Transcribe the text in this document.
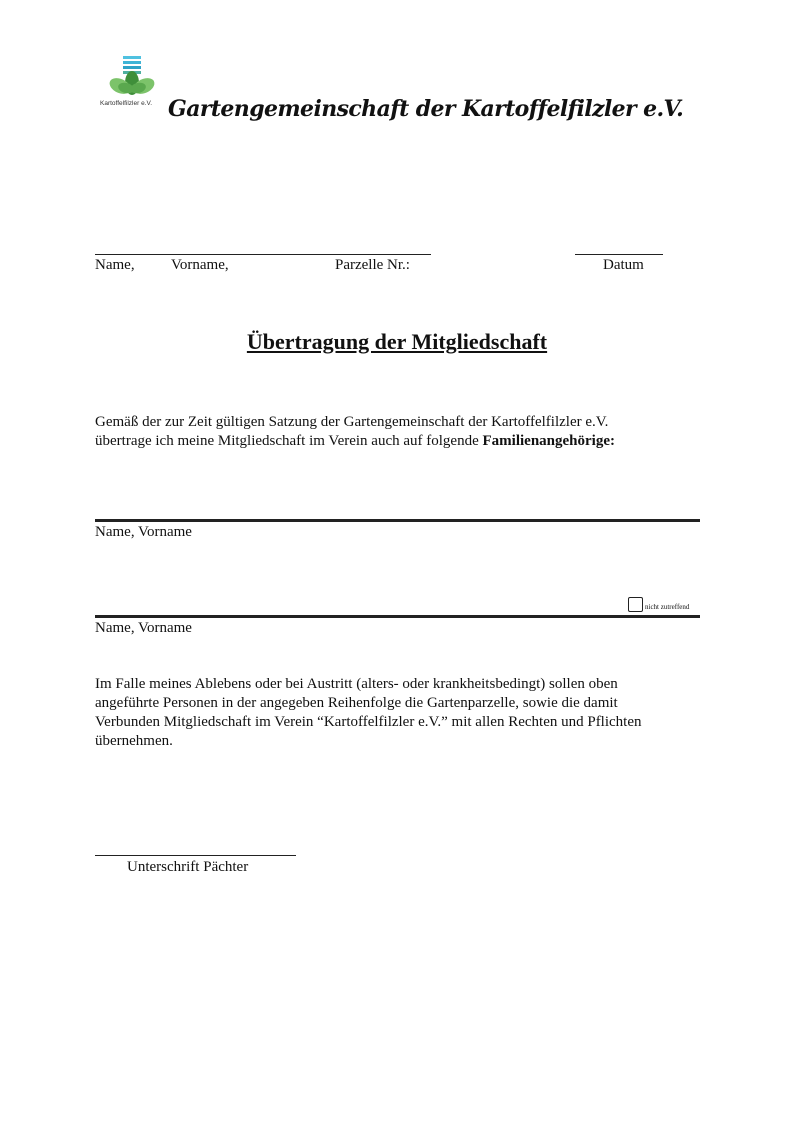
Kartoffelfilzler e.V. Gartengemeinschaft der Kartoffelfilzler e.V.
Name, Vorname,	Parzelle Nr.:	Datum
Übertragung der Mitgliedschaft
Gemäß der zur Zeit gültigen Satzung der Gartengemeinschaft der Kartoffelfilzler e.V.
übertrage ich meine Mitgliedschaft im Verein auch auf folgende Familienangehörige:
Name, Vorname
nicht zutreffend
Name, Vorname
Im Falle meines Ablebens oder bei Austritt (alters- oder krankheitsbedingt) sollen oben
angeführte Personen in der angegeben Reihenfolge die Gartenparzelle, sowie die damit
Verbunden Mitgliedschaft im Verein “Kartoffelfilzler e.V.” mit allen Rechten und Pflichten
übernehmen.
Unterschrift Pächter
